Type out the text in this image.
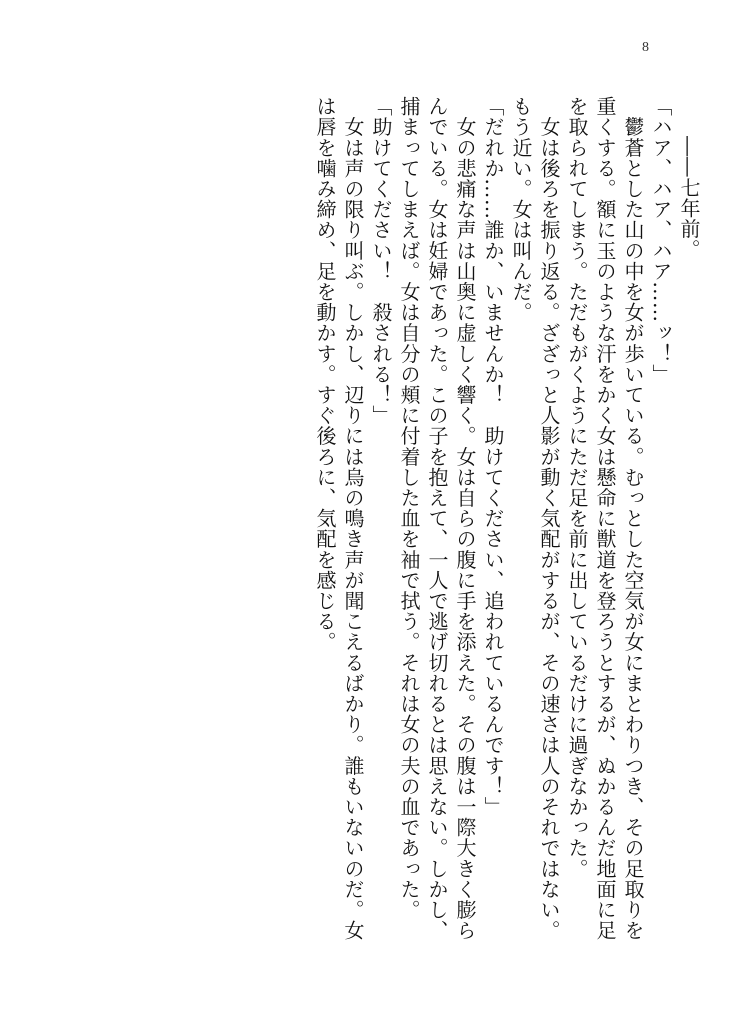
8
――七年前。
「ハア、ハア、ハア……ッ！」
　鬱蒼とした山の中を女が歩いている。むっとした空気が女にまとわりつき、その足取りを
重くする。額に玉のような汗をかく女は懸命に獣道を登ろうとするが、ぬかるんだ地面に足
を取られてしまう。ただもがくようにただ足を前に出しているだけに過ぎなかった。
　女は後ろを振り返る。ざざっと人影が動く気配がするが、その速さは人のそれではない。
もう近い。女は叫んだ。
「だれか……誰か、いませんか！　助けてください、追われているんです！」
　女の悲痛な声は山奥に虚しく響く。女は自らの腹に手を添えた。その腹は一際大きく膨ら
んでいる。女は妊婦であった。この子を抱えて、一人で逃げ切れるとは思えない。しかし、
捕まってしまえば。女は自分の頬に付着した血を袖で拭う。それは女の夫の血であった。
「助けてください！　殺される！」
　女は声の限り叫ぶ。しかし、辺りには烏の鳴き声が聞こえるばかり。誰もいないのだ。女
は唇を噛み締め、足を動かす。すぐ後ろに、気配を感じる。
